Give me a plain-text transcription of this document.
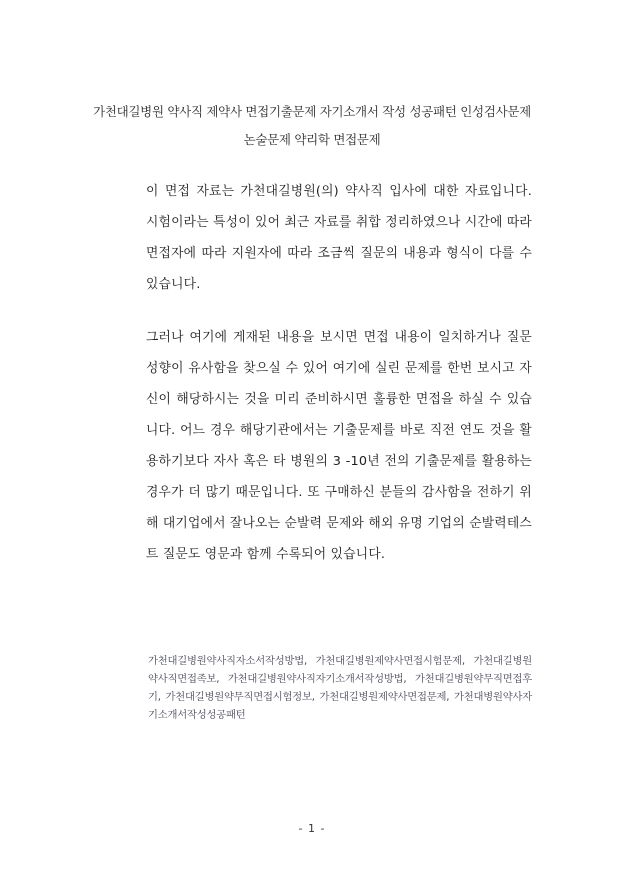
가천대길병원 약사직 제약사 면접기출문제 자기소개서 작성 성공패턴 인성검사문제
논술문제 약리학 면접문제

이 면접 자료는 가천대길병원(의) 약사직 입사에 대한 자료입니다. 시험이라는 특성이 있어 최근 자료를 취합 정리하였으나 시간에 따라 면접자에 따라 지원자에 따라 조금씩 질문의 내용과 형식이 다를 수 있습니다.

그러나 여기에 게재된 내용을 보시면 면접 내용이 일치하거나 질문 성향이 유사함을 찾으실 수 있어 여기에 실린 문제를 한번 보시고 자신이 해당하시는 것을 미리 준비하시면 훌륭한 면접을 하실 수 있습니다. 어느 경우 해당기관에서는 기출문제를 바로 직전 연도 것을 활용하기보다 자사 혹은 타 병원의 3 -10년 전의 기출문제를 활용하는 경우가 더 많기 때문입니다. 또 구매하신 분들의 감사함을 전하기 위해 대기업에서 잘나오는 순발력 문제와 해외 유명 기업의 순발력테스트 질문도 영문과 함께 수록되어 있습니다.

가천대길병원약사직자소서작성방법, 가천대길병원제약사면접시험문제, 가천대길병원 약사직면접족보, 가천대길병원약사직자기소개서작성방법, 가천대길병원약무직면접후기, 가천대길병원약무직면접시험정보, 가천대길병원제약사면접문제, 가천대병원약사자기소개서작성성공패턴
- 1 -
